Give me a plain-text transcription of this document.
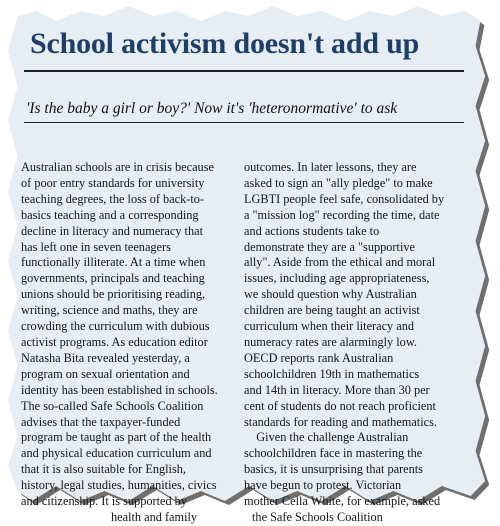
School activism doesn't add up

'Is the baby a girl or boy?' Now it's 'heteronormative' to ask

Australian schools are in crisis because
of poor entry standards for university
teaching degrees, the loss of back-to-
basics teaching and a corresponding
decline in literacy and numeracy that
has left one in seven teenagers
functionally illiterate. At a time when
governments, principals and teaching
unions should be prioritising reading,
writing, science and maths, they are
crowding the curriculum with dubious
activist programs. As education editor
Natasha Bita revealed yesterday, a
program on sexual orientation and
identity has been established in schools.
The so-called Safe Schools Coalition
advises that the taxpayer-funded
program be taught as part of the health
and physical education curriculum and
that it is also suitable for English,
history, legal studies, humanities, civics
and citizenship. It is supported by
health and family
outcomes. In later lessons, they are
asked to sign an "ally pledge" to make
LGBTI people feel safe, consolidated by
a "mission log" recording the time, date
and actions students take to
demonstrate they are a "supportive
ally". Aside from the ethical and moral
issues, including age appropriateness,
we should question why Australian
children are being taught an activist
curriculum when their literacy and
numeracy rates are alarmingly low.
OECD reports rank Australian
schoolchildren 19th in mathematics
and 14th in literacy. More than 30 per
cent of students do not reach proficient
standards for reading and mathematics.
Given the challenge Australian
schoolchildren face in mastering the
basics, it is unsurprising that parents
have begun to protest. Victorian
mother Cella White, for example, asked
the Safe Schools Coalition
